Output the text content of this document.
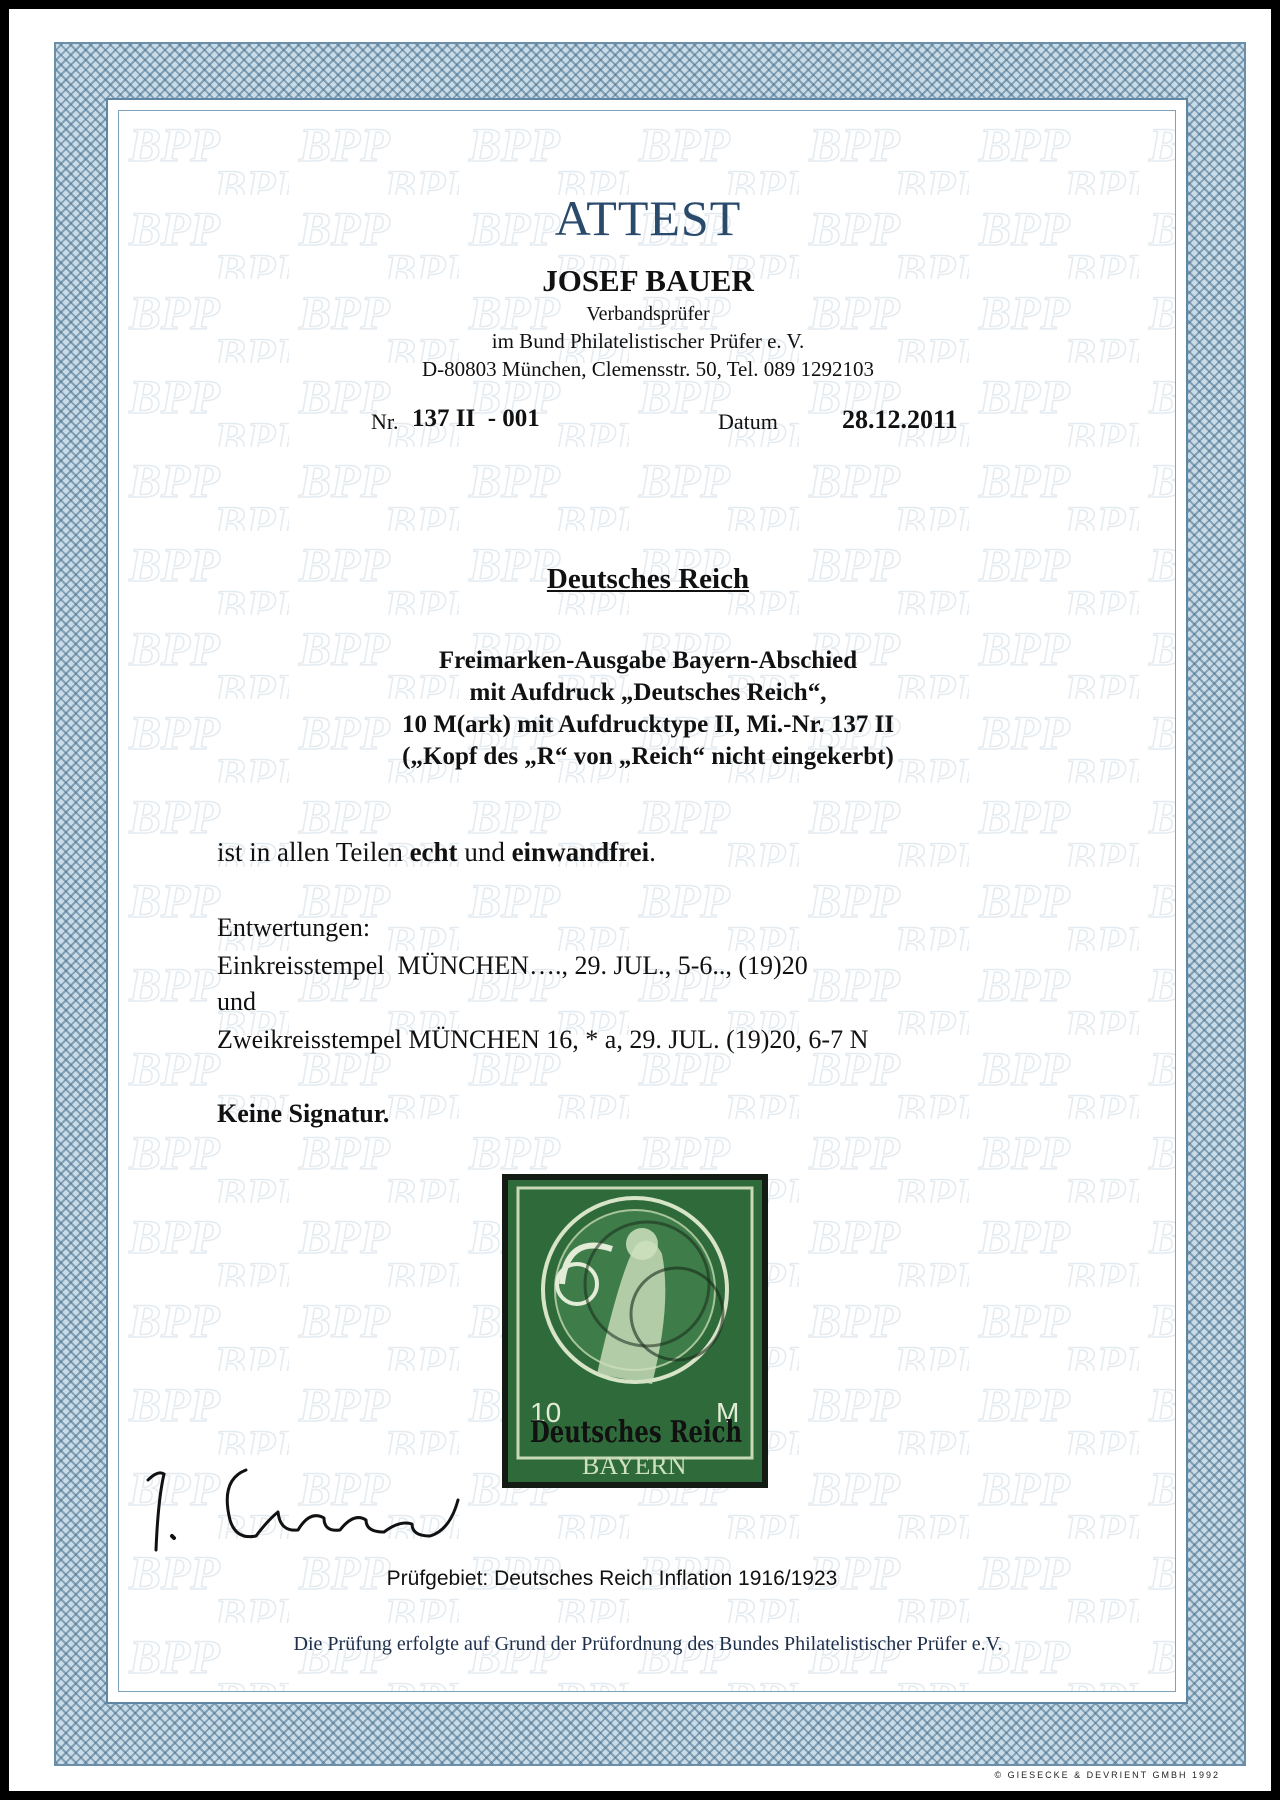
ATTEST
JOSEF BAUER
Verbandsprüfer
im Bund Philatelistischer Prüfer e. V.
D-80803 München, Clemensstr. 50, Tel. 089 1292103
Nr. 137 II  - 001	Datum 28.12.2011
Deutsches Reich
Freimarken-Ausgabe Bayern-Abschied
mit Aufdruck „Deutsches Reich“,
10 M(ark) mit Aufdrucktype II, Mi.-Nr. 137 II
(„Kopf des „R“ von „Reich“ nicht eingekerbt)
ist in allen Teilen echt und einwandfrei.
Entwertungen:
Einkreisstempel  MÜNCHEN…., 29. JUL., 5-6.., (19)20
und
Zweikreisstempel MÜNCHEN 16, * a, 29. JUL. (19)20, 6-7 N
Keine Signatur.
Prüfgebiet: Deutsches Reich Inflation 1916/1923
Die Prüfung erfolgte auf Grund der Prüfordnung des Bundes Philatelistischer Prüfer e.V.
10	M
Deutsches Reich
BAYERN
© GIESECKE & DEVRIENT GMBH 1992
